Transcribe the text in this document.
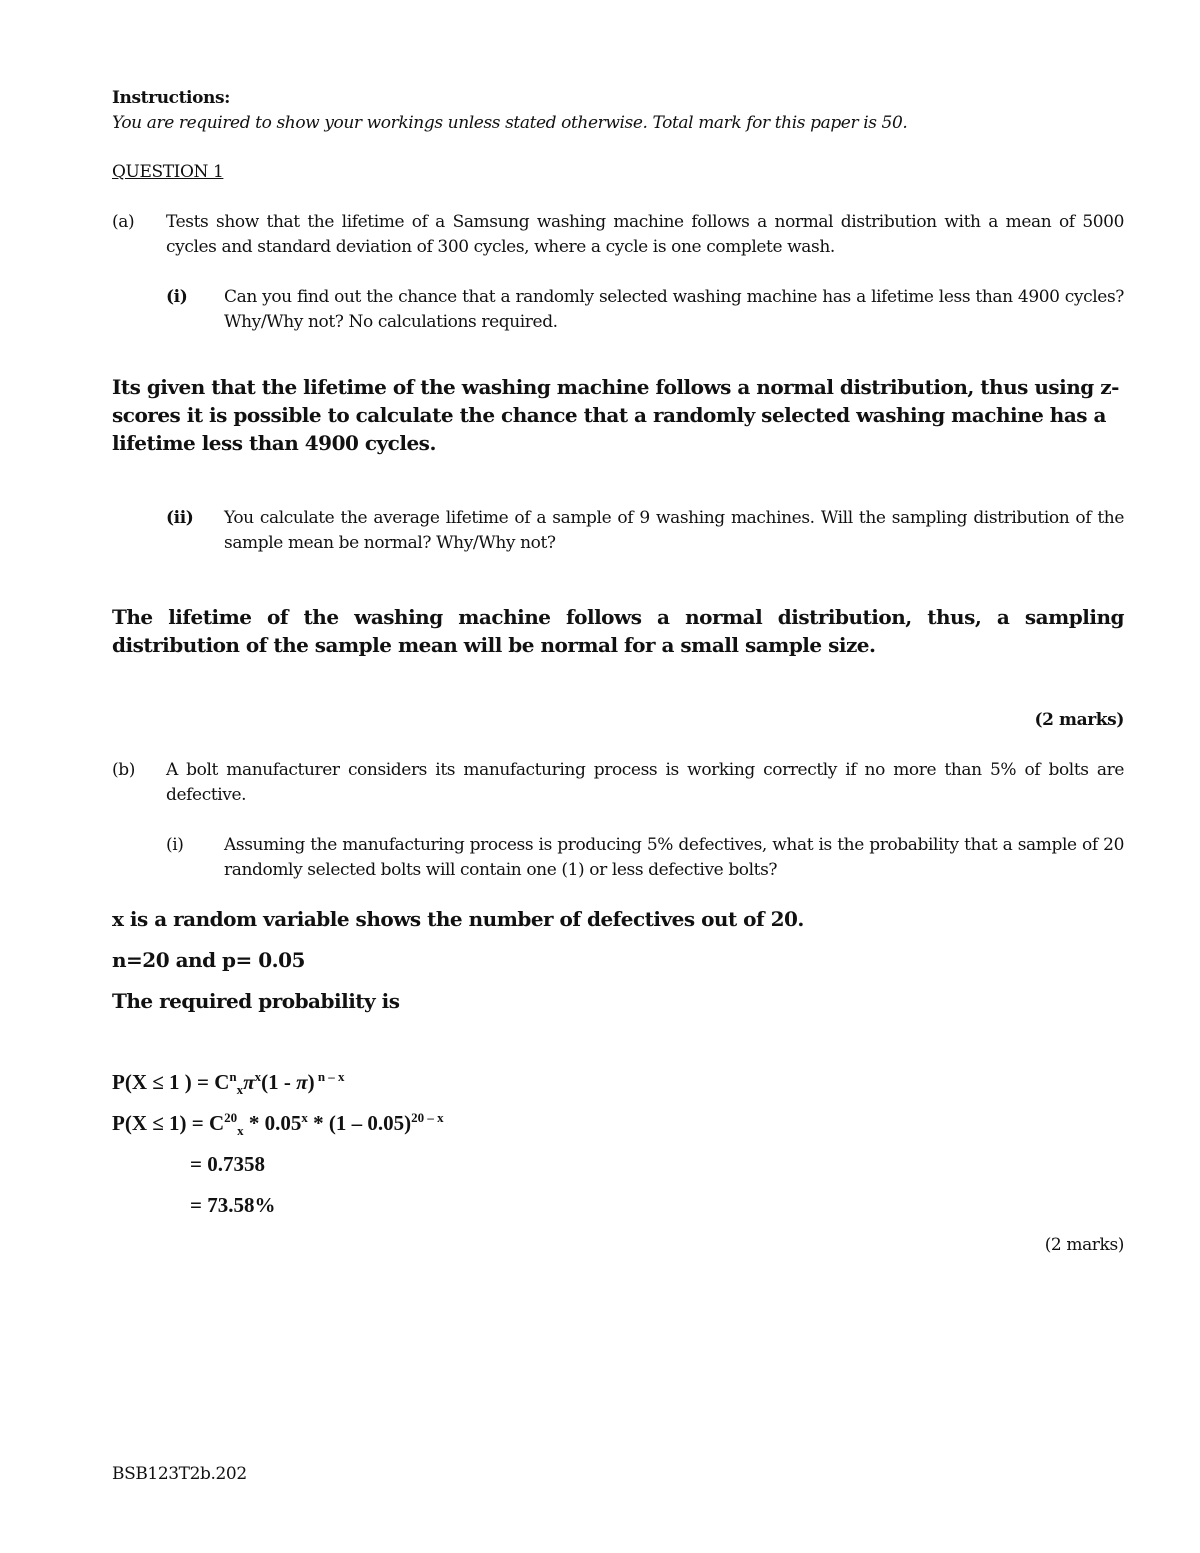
Instructions:
You are required to show your workings unless stated otherwise. Total mark for this paper is 50.
QUESTION 1
(a) Tests show that the lifetime of a Samsung washing machine follows a normal distribution with a mean of 5000 cycles and standard deviation of 300 cycles, where a cycle is one complete wash.
(i) Can you find out the chance that a randomly selected washing machine has a lifetime less than 4900 cycles? Why/Why not? No calculations required.
Its given that the lifetime of the washing machine follows a normal distribution, thus using z-scores it is possible to calculate the chance that a randomly selected washing machine has a lifetime less than 4900 cycles.
(ii) You calculate the average lifetime of a sample of 9 washing machines. Will the sampling distribution of the sample mean be normal? Why/Why not?
The lifetime of the washing machine follows a normal distribution, thus, a sampling distribution of the sample mean will be normal for a small sample size.
(2 marks)
(b) A bolt manufacturer considers its manufacturing process is working correctly if no more than 5% of bolts are defective.
(i) Assuming the manufacturing process is producing 5% defectives, what is the probability that a sample of 20 randomly selected bolts will contain one (1) or less defective bolts?
x is a random variable shows the number of defectives out of 20.
n=20 and p= 0.05
The required probability is
P(X ≤ 1 ) = $C^n_x\pi^x(1 - \pi)$ $^{n - x}$
$P(X \le 1) = C^{20}_x * 0.05^x * (1 - 0.05)^{20 - x}$
= 0.7358
= 73.58%
(2 marks)
BSB123T2b.202
